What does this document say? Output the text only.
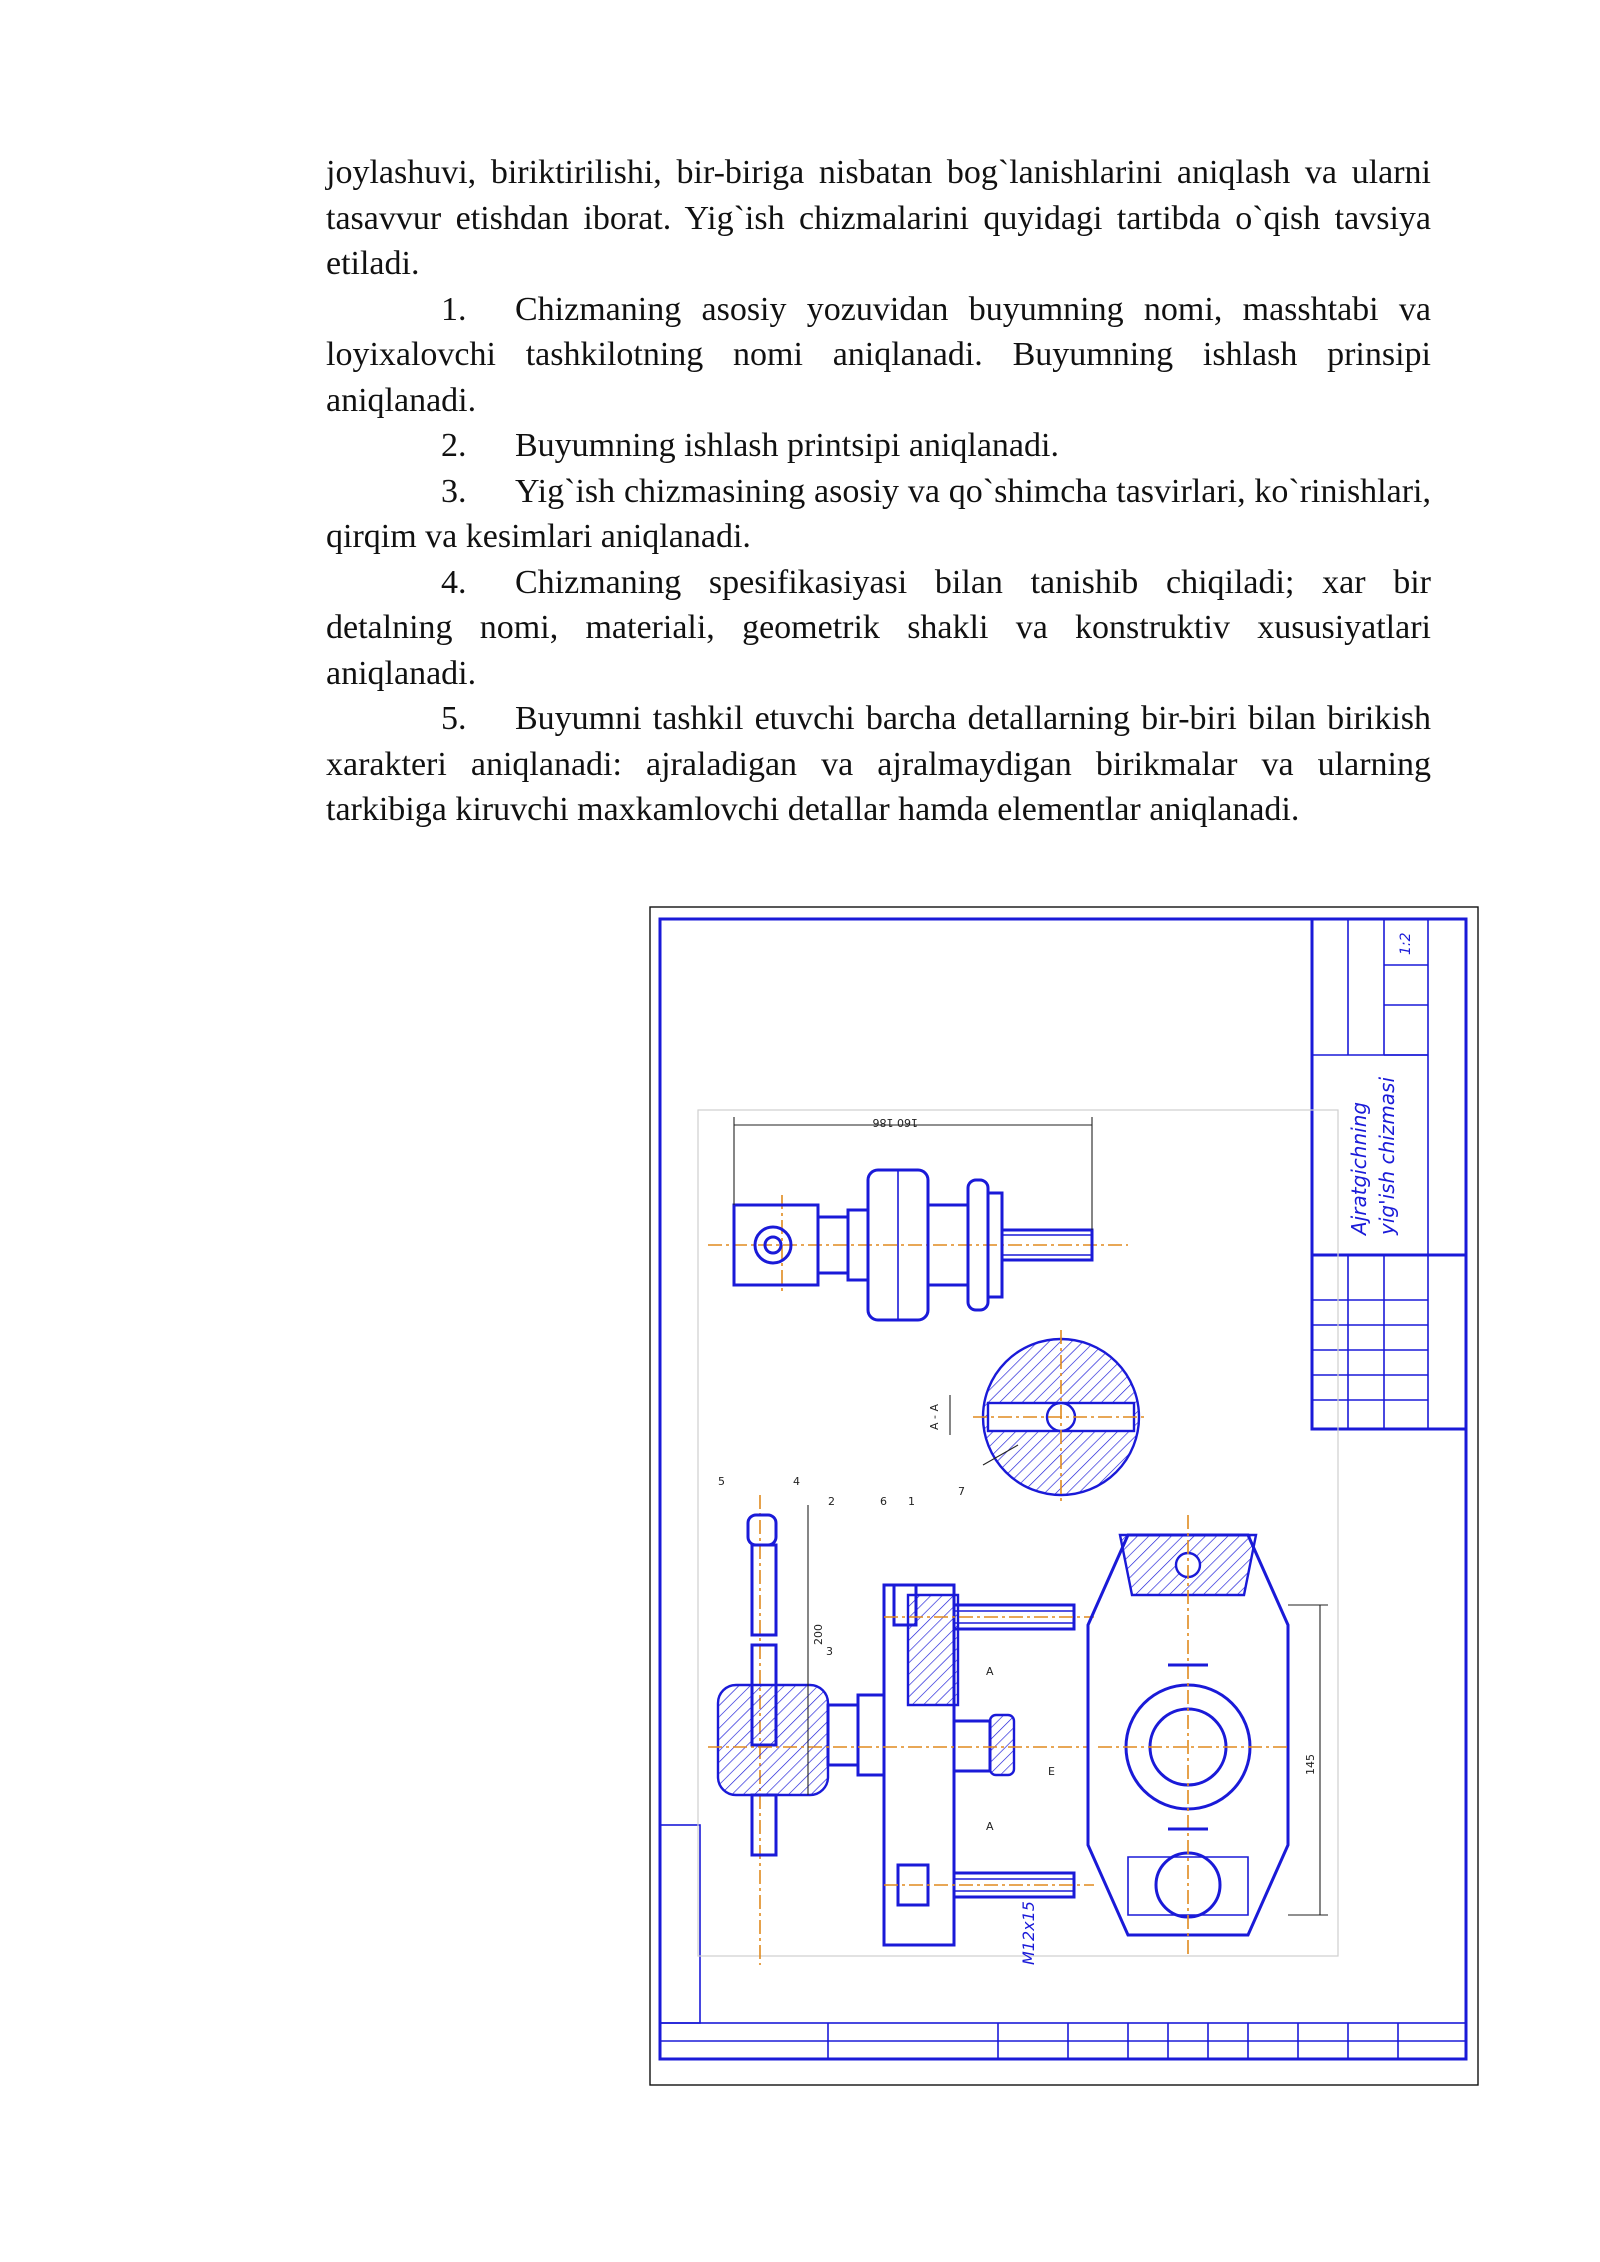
joylashuvi, biriktirilishi, bir-biriga nisbatan bog`lanishlarini aniqlash va ularni tasavvur etishdan iborat. Yig`ish chizmalarini quyidagi tartibda o`qish tavsiya etiladi.

1. Chizmaning asosiy yozuvidan buyumning nomi, masshtabi va loyixalovchi tashkilotning nomi aniqlanadi. Buyumning ishlash prinsipi aniqlanadi.

2. Buyumning ishlash printsipi aniqlanadi.

3. Yig`ish chizmasining asosiy va qo`shimcha tasvirlari, ko`rinishlari, qirqim va kesimlari aniqlanadi.

4. Chizmaning spesifikasiyasi bilan tanishib chiqiladi; xar bir detalning nomi, materiali, geometrik shakli va konstruktiv xususiyatlari aniqlanadi.

5. Buyumni tashkil etuvchi barcha detallarning bir-biri bilan birikish xarakteri aniqlanadi: ajraladigan va ajralmaydigan birikmalar va ularning tarkibiga kiruvchi maxkamlovchi detallar hamda elementlar aniqlanadi.

Ajratgichning yig'ish chizmasi
1:2
160 186
A - A
200
M12x15
A
A
E
5	4
2
3
6 1
7
145
